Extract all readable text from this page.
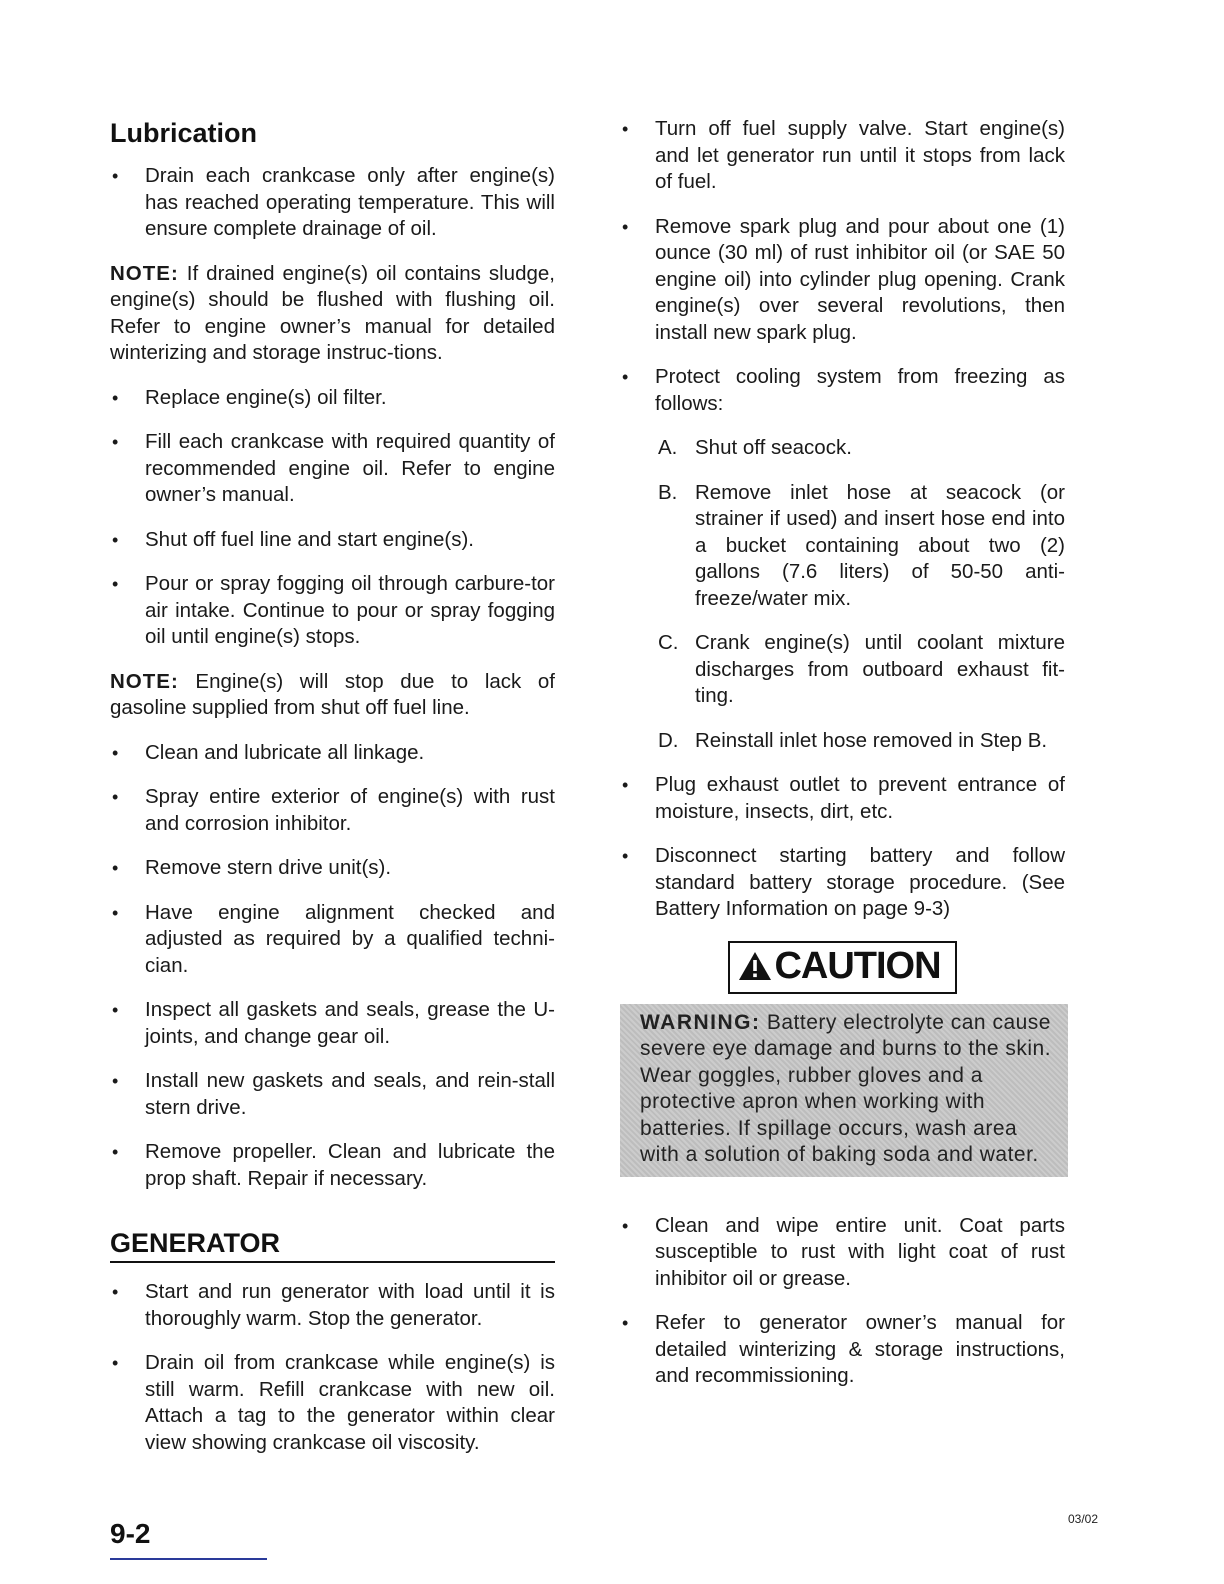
Lubrication
• Drain each crankcase only after engine(s) has reached operating temperature. This will ensure complete drainage of oil.
NOTE: If drained engine(s) oil contains sludge, engine(s) should be flushed with flushing oil. Refer to engine owner’s manual for detailed winterizing and storage instruc-tions.
• Replace engine(s) oil filter.
• Fill each crankcase with required quantity of recommended engine oil. Refer to engine owner’s manual.
• Shut off fuel line and start engine(s).
• Pour or spray fogging oil through carbure-tor air intake. Continue to pour or spray fogging oil until engine(s) stops.
NOTE: Engine(s) will stop due to lack of gasoline supplied from shut off fuel line.
• Clean and lubricate all linkage.
• Spray entire exterior of engine(s) with rust and corrosion inhibitor.
• Remove stern drive unit(s).
• Have engine alignment checked and adjusted as required by a qualified techni-cian.
• Inspect all gaskets and seals, grease the U-joints, and change gear oil.
• Install new gaskets and seals, and rein-stall stern drive.
• Remove propeller. Clean and lubricate the prop shaft. Repair if necessary.
GENERATOR
• Start and run generator with load until it is thoroughly warm. Stop the generator.
• Drain oil from crankcase while engine(s) is still warm. Refill crankcase with new oil. Attach a tag to the generator within clear view showing crankcase oil viscosity.
• Turn off fuel supply valve. Start engine(s) and let generator run until it stops from lack of fuel.
• Remove spark plug and pour about one (1) ounce (30 ml) of rust inhibitor oil (or SAE 50 engine oil) into cylinder plug opening. Crank engine(s) over several revolutions, then install new spark plug.
• Protect cooling system from freezing as follows:
A. Shut off seacock.
B. Remove inlet hose at seacock (or strainer if used) and insert hose end into a bucket containing about two (2) gallons (7.6 liters) of 50-50 anti-freeze/water mix.
C. Crank engine(s) until coolant mixture discharges from outboard exhaust fit-ting.
D. Reinstall inlet hose removed in Step B.
• Plug exhaust outlet to prevent entrance of moisture, insects, dirt, etc.
• Disconnect starting battery and follow standard battery storage procedure. (See Battery Information on page 9-3)
CAUTION
WARNING: Battery electrolyte can cause severe eye damage and burns to the skin. Wear goggles, rubber gloves and a protective apron when working with batteries. If spillage occurs, wash area with a solution of baking soda and water.
• Clean and wipe entire unit. Coat parts susceptible to rust with light coat of rust inhibitor oil or grease.
• Refer to generator owner’s manual for detailed winterizing & storage instructions, and recommissioning.
9-2	03/02
